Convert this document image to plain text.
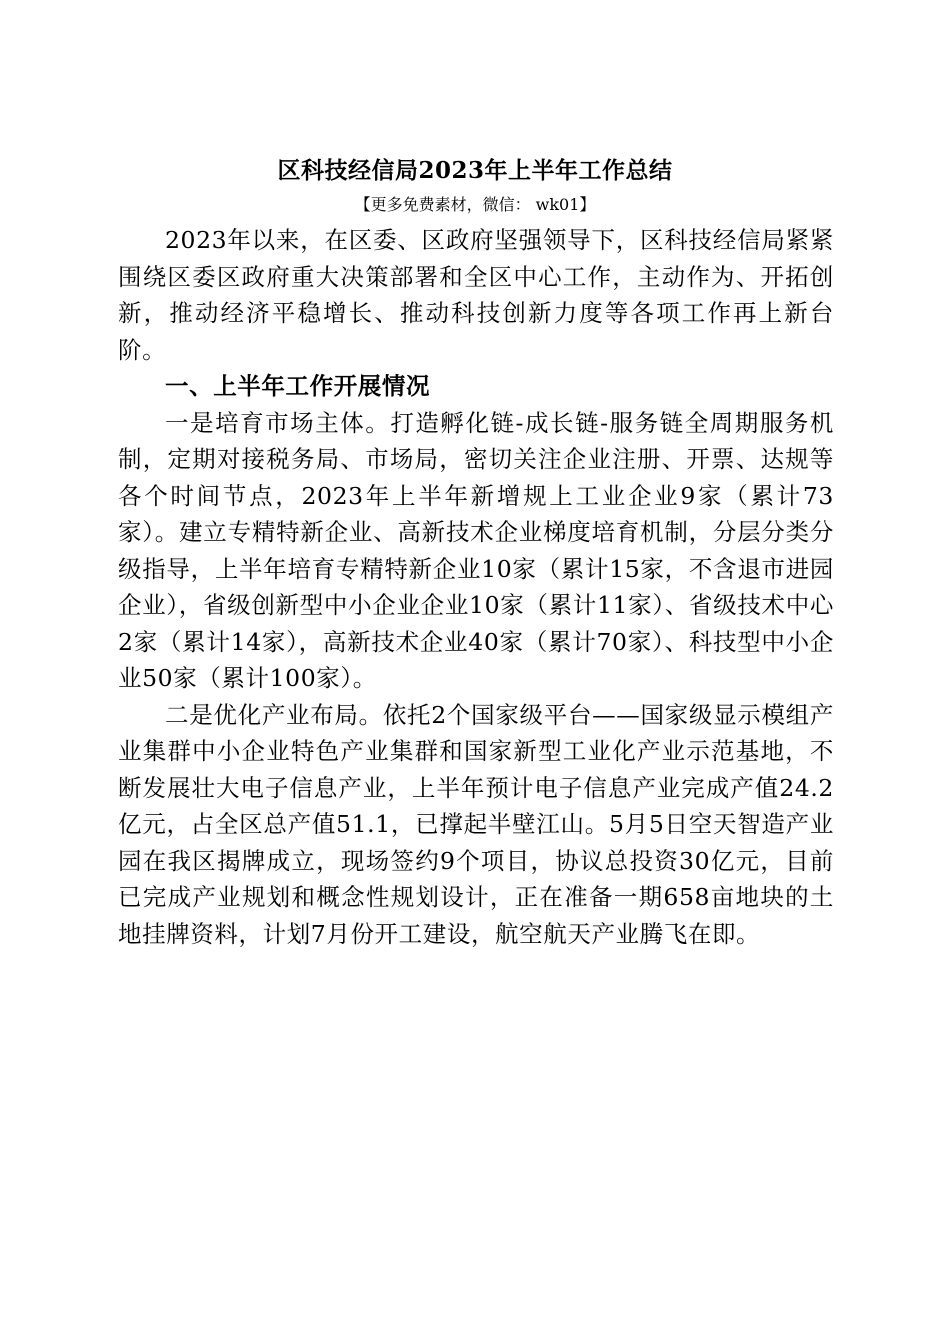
区科技经信局2023年上半年工作总结
【更多免费素材，微信： wk01】

2023年以来，在区委、区政府坚强领导下，区科技经信局紧紧围绕区委区政府重大决策部署和全区中心工作，主动作为、开拓创新，推动经济平稳增长、推动科技创新力度等各项工作再上新台阶。

一、上半年工作开展情况

一是培育市场主体。打造孵化链-成长链-服务链全周期服务机制，定期对接税务局、市场局，密切关注企业注册、开票、达规等各个时间节点，2023年上半年新增规上工业企业9家（累计73家）。建立专精特新企业、高新技术企业梯度培育机制，分层分类分级指导，上半年培育专精特新企业10家（累计15家，不含退市进园企业），省级创新型中小企业企业10家（累计11家）、省级技术中心2家（累计14家），高新技术企业40家（累计70家）、科技型中小企业50家（累计100家）。

二是优化产业布局。依托2个国家级平台——国家级显示模组产业集群中小企业特色产业集群和国家新型工业化产业示范基地，不断发展壮大电子信息产业，上半年预计电子信息产业完成产值24.2亿元，占全区总产值51.1，已撑起半壁江山。5月5日空天智造产业园在我区揭牌成立，现场签约9个项目，协议总投资30亿元，目前已完成产业规划和概念性规划设计，正在准备一期658亩地块的土地挂牌资料，计划7月份开工建设，航空航天产业腾飞在即。
